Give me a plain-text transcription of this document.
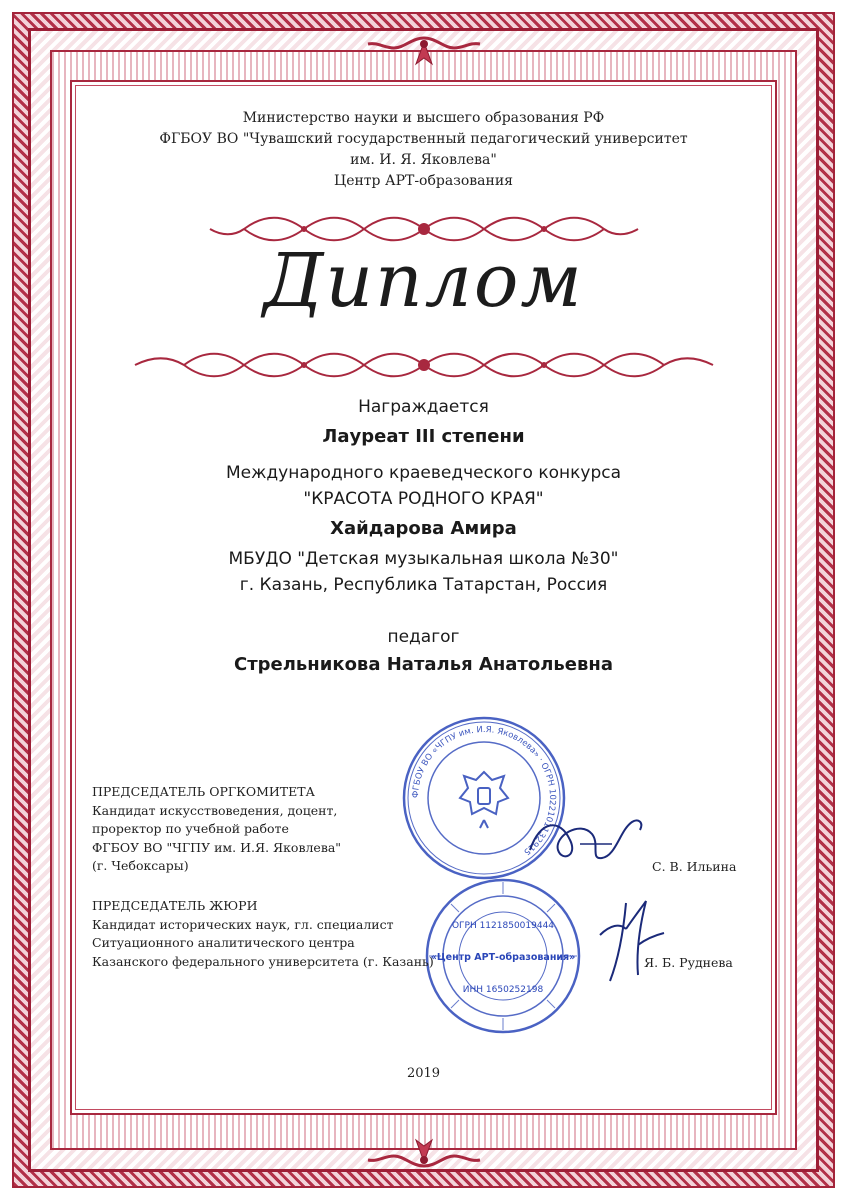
Министерство науки и высшего образования РФ
ФГБОУ ВО "Чувашский государственный педагогический университет
им. И. Я. Яковлева"
Центр АРТ-образования
Диплом
Награждается
Лауреат III степени
Международного краеведческого конкурса
"КРАСОТА РОДНОГО КРАЯ"
Хайдарова Амира
МБУДО "Детская музыкальная школа №30"
г. Казань, Республика Татарстан, Россия
педагог
Стрельникова Наталья Анатольевна
ФГБОУ ВО «ЧГПУ им. И.Я. Яковлева» · ОГРН 1022101132915
ОГРН 1121850019444
«Центр АРТ-образования»
ИНН 1650252198
ПРЕДСЕДАТЕЛЬ ОРГКОМИТЕТА
Кандидат искусствоведения, доцент,
проректор по учебной работе
ФГБОУ ВО "ЧГПУ им. И.Я. Яковлева"
(г. Чебоксары)	С. В. Ильина
ПРЕДСЕДАТЕЛЬ ЖЮРИ
Кандидат исторических наук, гл. специалист
Ситуационного аналитического центра
Казанского федерального университета (г. Казань)	Я. Б. Руднева
2019
